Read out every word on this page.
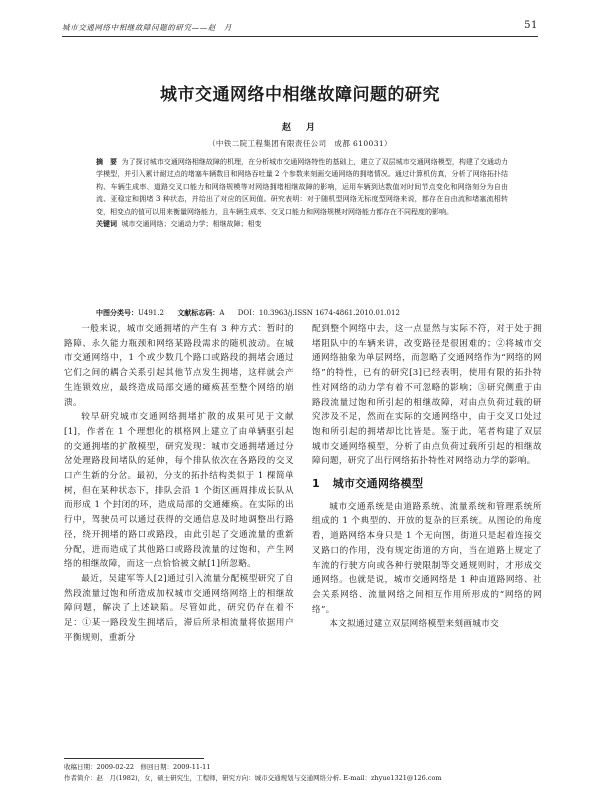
城市交通网络中相继故障问题的研究——赵　月	51
城市交通网络中相继故障问题的研究
赵　月
（中铁二院工程集团有限责任公司　成都 610031）

摘　要 为了探讨城市交通网络相继故障的机理，在分析城市交通网络特性的基础上，建立了双层城市交通网络模型，构建了交通动力学模型，并引入累计耐过点的堵塞车辆数目和网络吞吐量 2 个参数来刻画交通网络的拥堵情况。通过计算机仿真，分析了网络拓扑结构、车辆生成率、道路交叉口能力和网络规模等对网络拥堵相继故障的影响，运用车辆到达数值对时间节点变化和网络刻分为自由流、亚稳定和拥堵 3 种状态，并给出了对应的区间值。研究表明：对于随机型网络无标度型网络来说，都存在自由流和堵塞流相转变，相变点的值可以用来衡量网络能力，且车辆生成率、交叉口能力和网络规模对网络能力都存在不同程度的影响。

关键词 城市交通网络；交通动力学；相继故障；相变

中图分类号：U491.2 文献标志码：A DOI：10.3963/j.ISSN 1674-4861.2010.01.012

一般来说，城市交通拥堵的产生有 3 种方式：暂时的路障、永久能力瓶颈和网络某路段需求的随机波动。在城市交通网络中，1 个或少数几个路口或路段的拥堵会通过它们之间的耦合关系引起其他节点发生拥堵，这样就会产生连锁效应，最终造成局部交通的瘫痪甚至整个网络的崩溃。

较早研究城市交通网络拥堵扩散的成果可见于文献[1]，作者在 1 个理想化的棋格网上建立了由单辆驱引起的交通拥堵的扩散模型，研究发现：城市交通拥堵通过分岔处理路段间堵队的延伸，每个排队依次在各路段的交叉口产生新的分岔。最初，分支的拓扑结构类似于 1 棵简单树，但在某种状态下，排队会沿 1 个街区画周排成长队从而形成 1 个封闭的环，造成局部的交通瘫痪。在实际的出行中，驾驶员可以通过获得的交通信息及时地调整出行路径，绕开拥堵的路口或路段，由此引起了交通流量的重新分配，进而造成了其他路口或路段流量的过饱和，产生网络的相继故障，而这一点恰恰被文献[1]所忽略。

最近，吴建军等人[2]通过引入流量分配模型研究了自然段流量过饱和所造成加权城市交通网络网络上的相继故障问题，解决了上述缺陷。尽管如此，研究仍存在着不足：①某一路段发生拥堵后，滞后所录相流量将依据用户平衡规则，重新分

配到整个网络中去，这一点显然与实际不符，对于处于拥堵阻队中的车辆来讲，改变路径是很困难的；②将城市交通网络抽象为单层网络，而忽略了交通网络作为“网络的网络”的特性，已有的研究[3]已经表明，使用有限的拓扑特性对网络的动力学有着不可忽略的影响；③研究侧重于由路段流量过饱和所引起的相继故障，对由点负荷过载的研究涉及不足，然而在实际的交通网络中，由于交叉口处过饱和所引起的拥堵却比比皆是。鉴于此，笔者构建了双层城市交通网络模型，分析了由点负荷过载所引起的相继故障问题，研究了出行网络拓扑特性对网络动力学的影响。

1 城市交通网络模型

城市交通系统是由道路系统、流量系统和管理系统所组成的 1 个典型的、开放的复杂的巨系统。从图论的角度看，道路网络本身只是 1 个无向图，街道只是起着连接交叉路口的作用，没有规定街道的方向，当在道路上规定了车流的行驶方向或各种行驶限制等交通规则时，才形成交通网络。也就是说，城市交通网络是 1 种由道路网络、社会关系网络、流量网络之间相互作用所形成的“网络的网络”。

本文拟通过建立双层网络模型来刻画城市交

收稿日期：2009-02-22　修回日期：2009-11-11
作者简介：赵　月(1982)，女，硕士研究生，工程师，研究方向：城市交通规划与交通网络分析. E-mail：zhyue1321@126.com
